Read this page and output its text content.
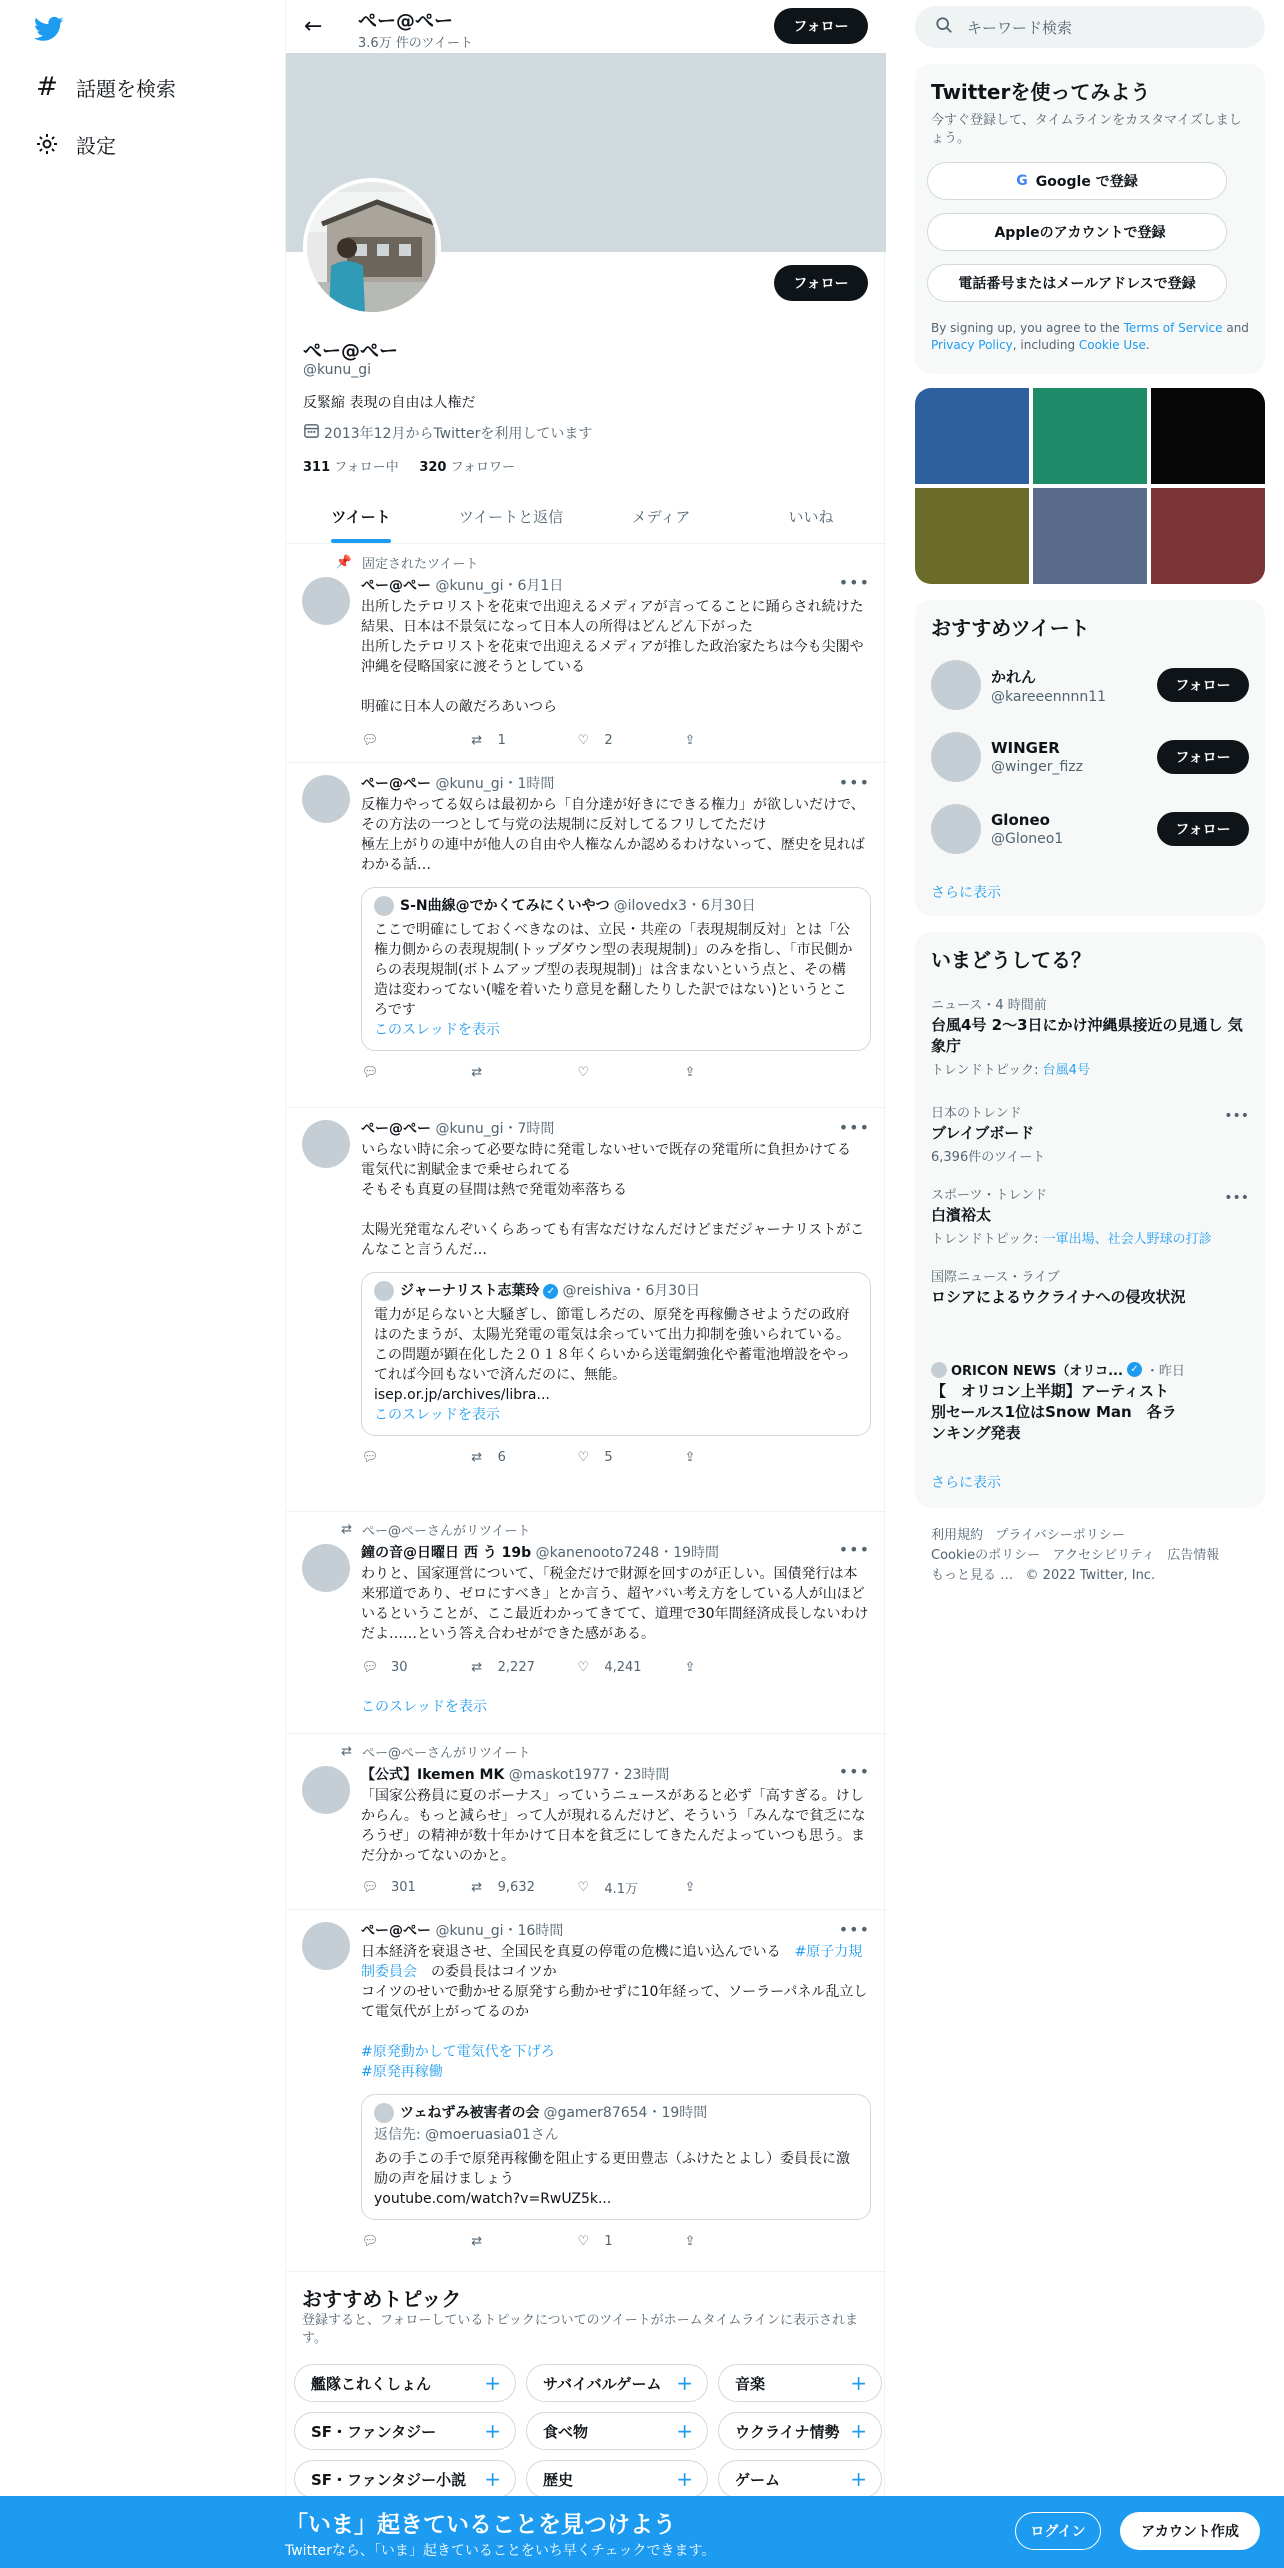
# 話題を検索
設定
← ぺー@ぺー
3.6万 件のツイート
フォロー
フォロー
ぺー@ぺー
@kunu_gi
反緊縮 表現の自由は人権だ
2013年12月からTwitterを利用しています
311 フォロー中 320 フォロワー
ツイート	ツイートと返信	メディア	いいね
📌 固定されたツイート
•••
ぺー@ぺー @kunu_gi・6月1日
出所したテロリストを花束で出迎えるメディアが言ってることに踊らされ続けた結果、日本は不景気になって日本人の所得はどんどん下がった
出所したテロリストを花束で出迎えるメディアが推した政治家たちは今も尖閣や沖縄を侵略国家に渡そうとしている

明確に日本人の敵だろあいつら
💬︎	⇄ 1	♡ 2	⇪
•••
ぺー@ぺー @kunu_gi・1時間
反権力やってる奴らは最初から「自分達が好きにできる権力」が欲しいだけで、その方法の一つとして与党の法規制に反対してるフリしてただけ
極左上がりの連中が他人の自由や人権なんか認めるわけないって、歴史を見ればわかる話…
S-N曲線@でかくてみにくいやつ @ilovedx3・6月30日
ここで明確にしておくべきなのは、立民・共産の「表現規制反対」とは「公権力側からの表現規制(トップダウン型の表現規制)」のみを指し、「市民側からの表現規制(ボトムアップ型の表現規制)」は含まないという点と、その構造は変わってない(嘘を着いたり意見を翻したりした訳ではない)というところです
このスレッドを表示
💬︎	⇄	♡	⇪
•••
ぺー@ぺー @kunu_gi・7時間
いらない時に余って必要な時に発電しないせいで既存の発電所に負担かけてる
電気代に割賦金まで乗せられてる
そもそも真夏の昼間は熱で発電効率落ちる

太陽光発電なんぞいくらあっても有害なだけなんだけどまだジャーナリストがこんなこと言うんだ…
ジャーナリスト志葉玲 ✓ @reishiva・6月30日
電力が足らないと大騒ぎし、節電しろだの、原発を再稼働させようだの政府はのたまうが、太陽光発電の電気は余っていて出力抑制を強いられている。この問題が顕在化した２０１８年くらいから送電網強化や蓄電池増設をやってれば今回もないで済んだのに、無能。
isep.or.jp/archives/libra...
このスレッドを表示
💬︎	⇄ 6	♡ 5	⇪
⇄ ぺー@ぺーさんがリツイート
•••
鐘の音@日曜日 西 う 19b @kanenooto7248・19時間
わりと、国家運営について、「税金だけで財源を回すのが正しい。国債発行は本来邪道であり、ゼロにすべき」とか言う、超ヤバい考え方をしている人が山ほどいるということが、ここ最近わかってきてて、道理で30年間経済成長しないわけだよ……という答え合わせができた感がある。
💬︎ 30	⇄ 2,227	♡ 4,241	⇪
このスレッドを表示
⇄ ぺー@ぺーさんがリツイート
•••
【公式】Ikemen MK @maskot1977・23時間
「国家公務員に夏のボーナス」っていうニュースがあると必ず「高すぎる。けしからん。もっと減らせ」って人が現れるんだけど、そういう「みんなで貧乏になろうぜ」の精神が数十年かけて日本を貧乏にしてきたんだよっていつも思う。まだ分かってないのかと。
💬︎ 301	⇄ 9,632	♡ 4.1万	⇪
•••
ぺー@ぺー @kunu_gi・16時間
日本経済を衰退させ、全国民を真夏の停電の危機に追い込んでいる　#原子力規制委員会　の委員長はコイツか
コイツのせいで動かせる原発すら動かせずに10年経って、ソーラーパネル乱立して電気代が上がってるのか
#原発動かして電気代を下げろ
#原発再稼働
ツェねずみ被害者の会 @gamer87654・19時間
返信先: @moeruasia01さん
あの手この手で原発再稼働を阻止する更田豊志（ふけたとよし）委員長に激励の声を届けましょう
youtube.com/watch?v=RwUZ5k...
💬︎	⇄	♡ 1	⇪
おすすめトピック
登録すると、フォローしているトピックについてのツイートがホームタイムラインに表示されます。
艦隊これくしょん	+	サバイバルゲーム +	音楽	+
SF・ファンタジー +	食べ物	+	ウクライナ情勢 +
SF・ファンタジー小説 +	歴史	+	ゲーム	+
キーワード検索
Twitterを使ってみよう
今すぐ登録して、タイムラインをカスタマイズしましょう。
G Google で登録
Appleのアカウントで登録
電話番号またはメールアドレスで登録
By signing up, you agree to the Terms of Service and Privacy Policy, including Cookie Use.
おすすめツイート
かれん
@kareeennnn11
フォロー
WINGER
@winger_fizz
フォロー
Gloneo
@Gloneo1
フォロー
さらに表示
いまどうしてる？
ニュース・4 時間前
台風4号 2〜3日にかけ沖縄県接近の見通し 気象庁
トレンドトピック: 台風4号
日本のトレンド
ブレイブボード
6,396件のツイート
•••
スポーツ・トレンド
白濱裕太
トレンドトピック: 一軍出場、社会人野球の打診
•••
国際ニュース・ライブ
ロシアによるウクライナへの侵攻状況
ORICON NEWS（オリコ... ✓ ・昨日
【　オリコン上半期】アーティスト別セールス1位はSnow Man　各ランキング発表
さらに表示
利用規約 プライバシーポリシー
Cookieのポリシー アクセシビリティ 広告情報
もっと見る … © 2022 Twitter, Inc.
「いま」起きていることを見つけよう
Twitterなら、「いま」起きていることをいち早くチェックできます。
ログイン	アカウント作成
